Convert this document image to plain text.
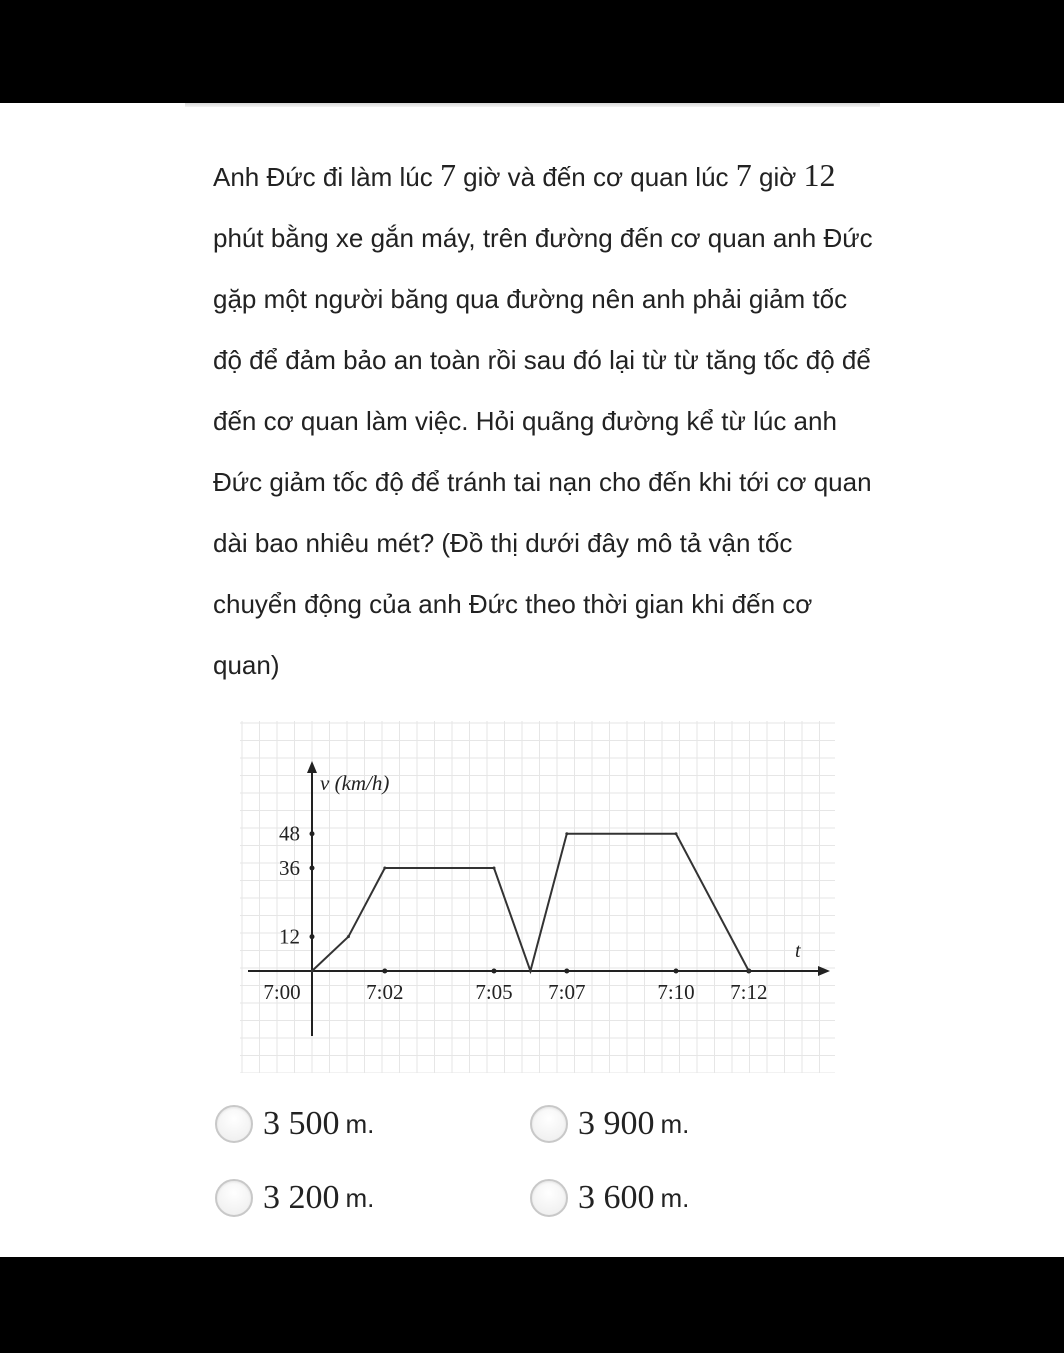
Anh Đức đi làm lúc 7 giờ và đến cơ quan lúc 7 giờ 12 phút bằng xe gắn máy, trên đường đến cơ quan anh Đức gặp một người băng qua đường nên anh phải giảm tốc độ để đảm bảo an toàn rồi sau đó lại từ từ tăng tốc độ để đến cơ quan làm việc. Hỏi quãng đường kể từ lúc anh Đức giảm tốc độ để tránh tai nạn cho đến khi tới cơ quan dài bao nhiêu mét? (Đồ thị dưới đây mô tả vận tốc chuyển động của anh Đức theo thời gian khi đến cơ quan)

v (km/h)
t
12
36
48
7:00	7:02	7:05 7:07	7:10 7:12
3 500 m.	3 900 m.
3 200 m.	3 600 m.
